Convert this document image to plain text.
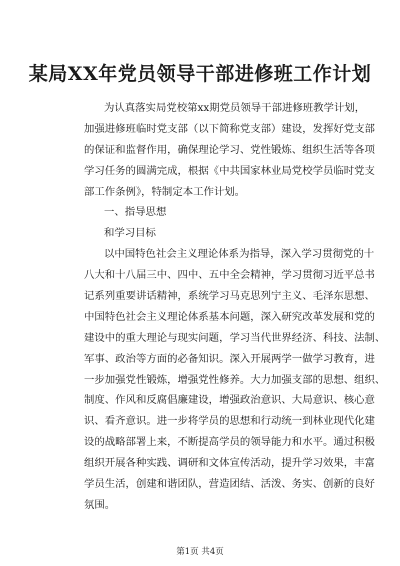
某局XX年党员领导干部进修班工作计划
为认真落实局党校第xx期党员领导干部进修班教学计划，
加强进修班临时党支部（以下简称党支部）建设，发挥好党支部
的保证和监督作用，确保理论学习、党性锻炼、组织生活等各项
学习任务的圆满完成，根据《中共国家林业局党校学员临时党支
部工作条例》，特制定本工作计划。
一、指导思想
和学习目标
以中国特色社会主义理论体系为指导，深入学习贯彻党的十
八大和十八届三中、四中、五中全会精神，学习贯彻习近平总书
记系列重要讲话精神，系统学习马克思列宁主义、毛泽东思想、
中国特色社会主义理论体系基本问题，深入研究改革发展和党的
建设中的重大理论与现实问题，学习当代世界经济、科技、法制、
军事、政治等方面的必备知识。深入开展两学一做学习教育，进
一步加强党性锻炼，增强党性修养。大力加强支部的思想、组织、
制度、作风和反腐倡廉建设，增强政治意识、大局意识、核心意
识、看齐意识。进一步将学员的思想和行动统一到林业现代化建
设的战略部署上来，不断提高学员的领导能力和水平。通过积极
组织开展各种实践、调研和文体宣传活动，提升学习效果，丰富
学员生活，创建和谐团队，营造团结、活泼、务实、创新的良好
氛围。
第1页 共4页
